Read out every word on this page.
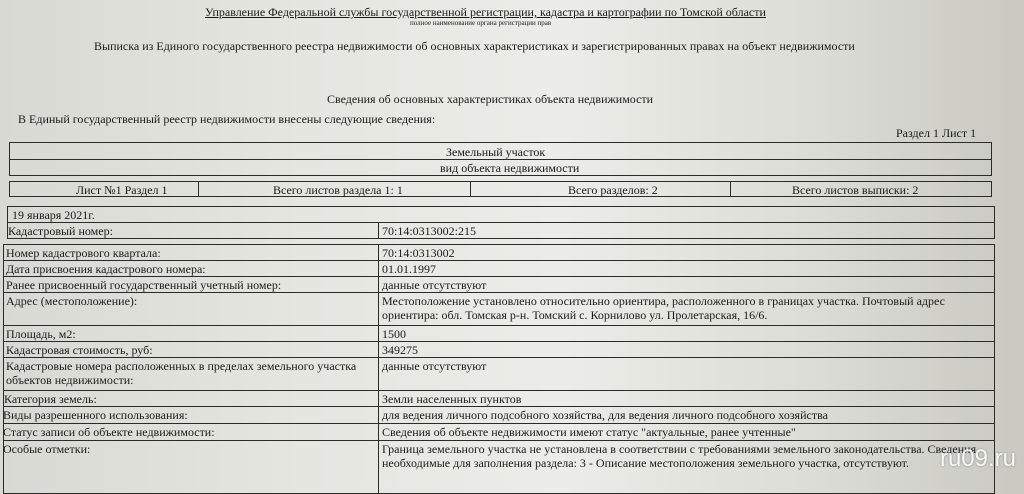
Управление Федеральной службы государственной регистрации, кадастра и картографии по Томской области
полное наименование органа регистрации прав
Выписка из Единого государственного реестра недвижимости об основных характеристиках и зарегистрированных правах на объект недвижимости
Сведения об основных характеристиках объекта недвижимости
В Единый государственный реестр недвижимости внесены следующие сведения:
Раздел 1 Лист 1
Земельный участок
вид объекта недвижимости
Лист №1 Раздел 1	Всего листов раздела 1: 1	Всего разделов: 2	Всего листов выписки: 2
19 января 2021г.
Кадастровый номер:	70:14:0313002:215
Номер кадастрового квартала:	70:14:0313002
Дата присвоения кадастрового номера:	01.01.1997
Ранее присвоенный государственный учетный номер:	данные отсутствуют
Адрес (местоположение):	Местоположение установлено относительно ориентира, расположенного в границах участка. Почтовый адрес ориентира: обл. Томская р-н. Томский с. Корнилово ул. Пролетарская, 16/6.
Площадь, м2:	1500
Кадастровая стоимость, руб:	349275
Кадастровые номера расположенных в пределах земельного участка объектов недвижимости:
данные отсутствуют
Категория земель:	Земли населенных пунктов
Виды разрешенного использования:	для ведения личного подсобного хозяйства, для ведения личного подсобного хозяйства
Статус записи об объекте недвижимости:	Сведения об объекте недвижимости имеют статус "актуальные, ранее учтенные"
Особые отметки:	Граница земельного участка не установлена в соответствии с требованиями земельного законодательства. Сведения, необходимые для заполнения раздела: 3 - Описание местоположения земельного участка, отсутствуют.	ru09.ru
